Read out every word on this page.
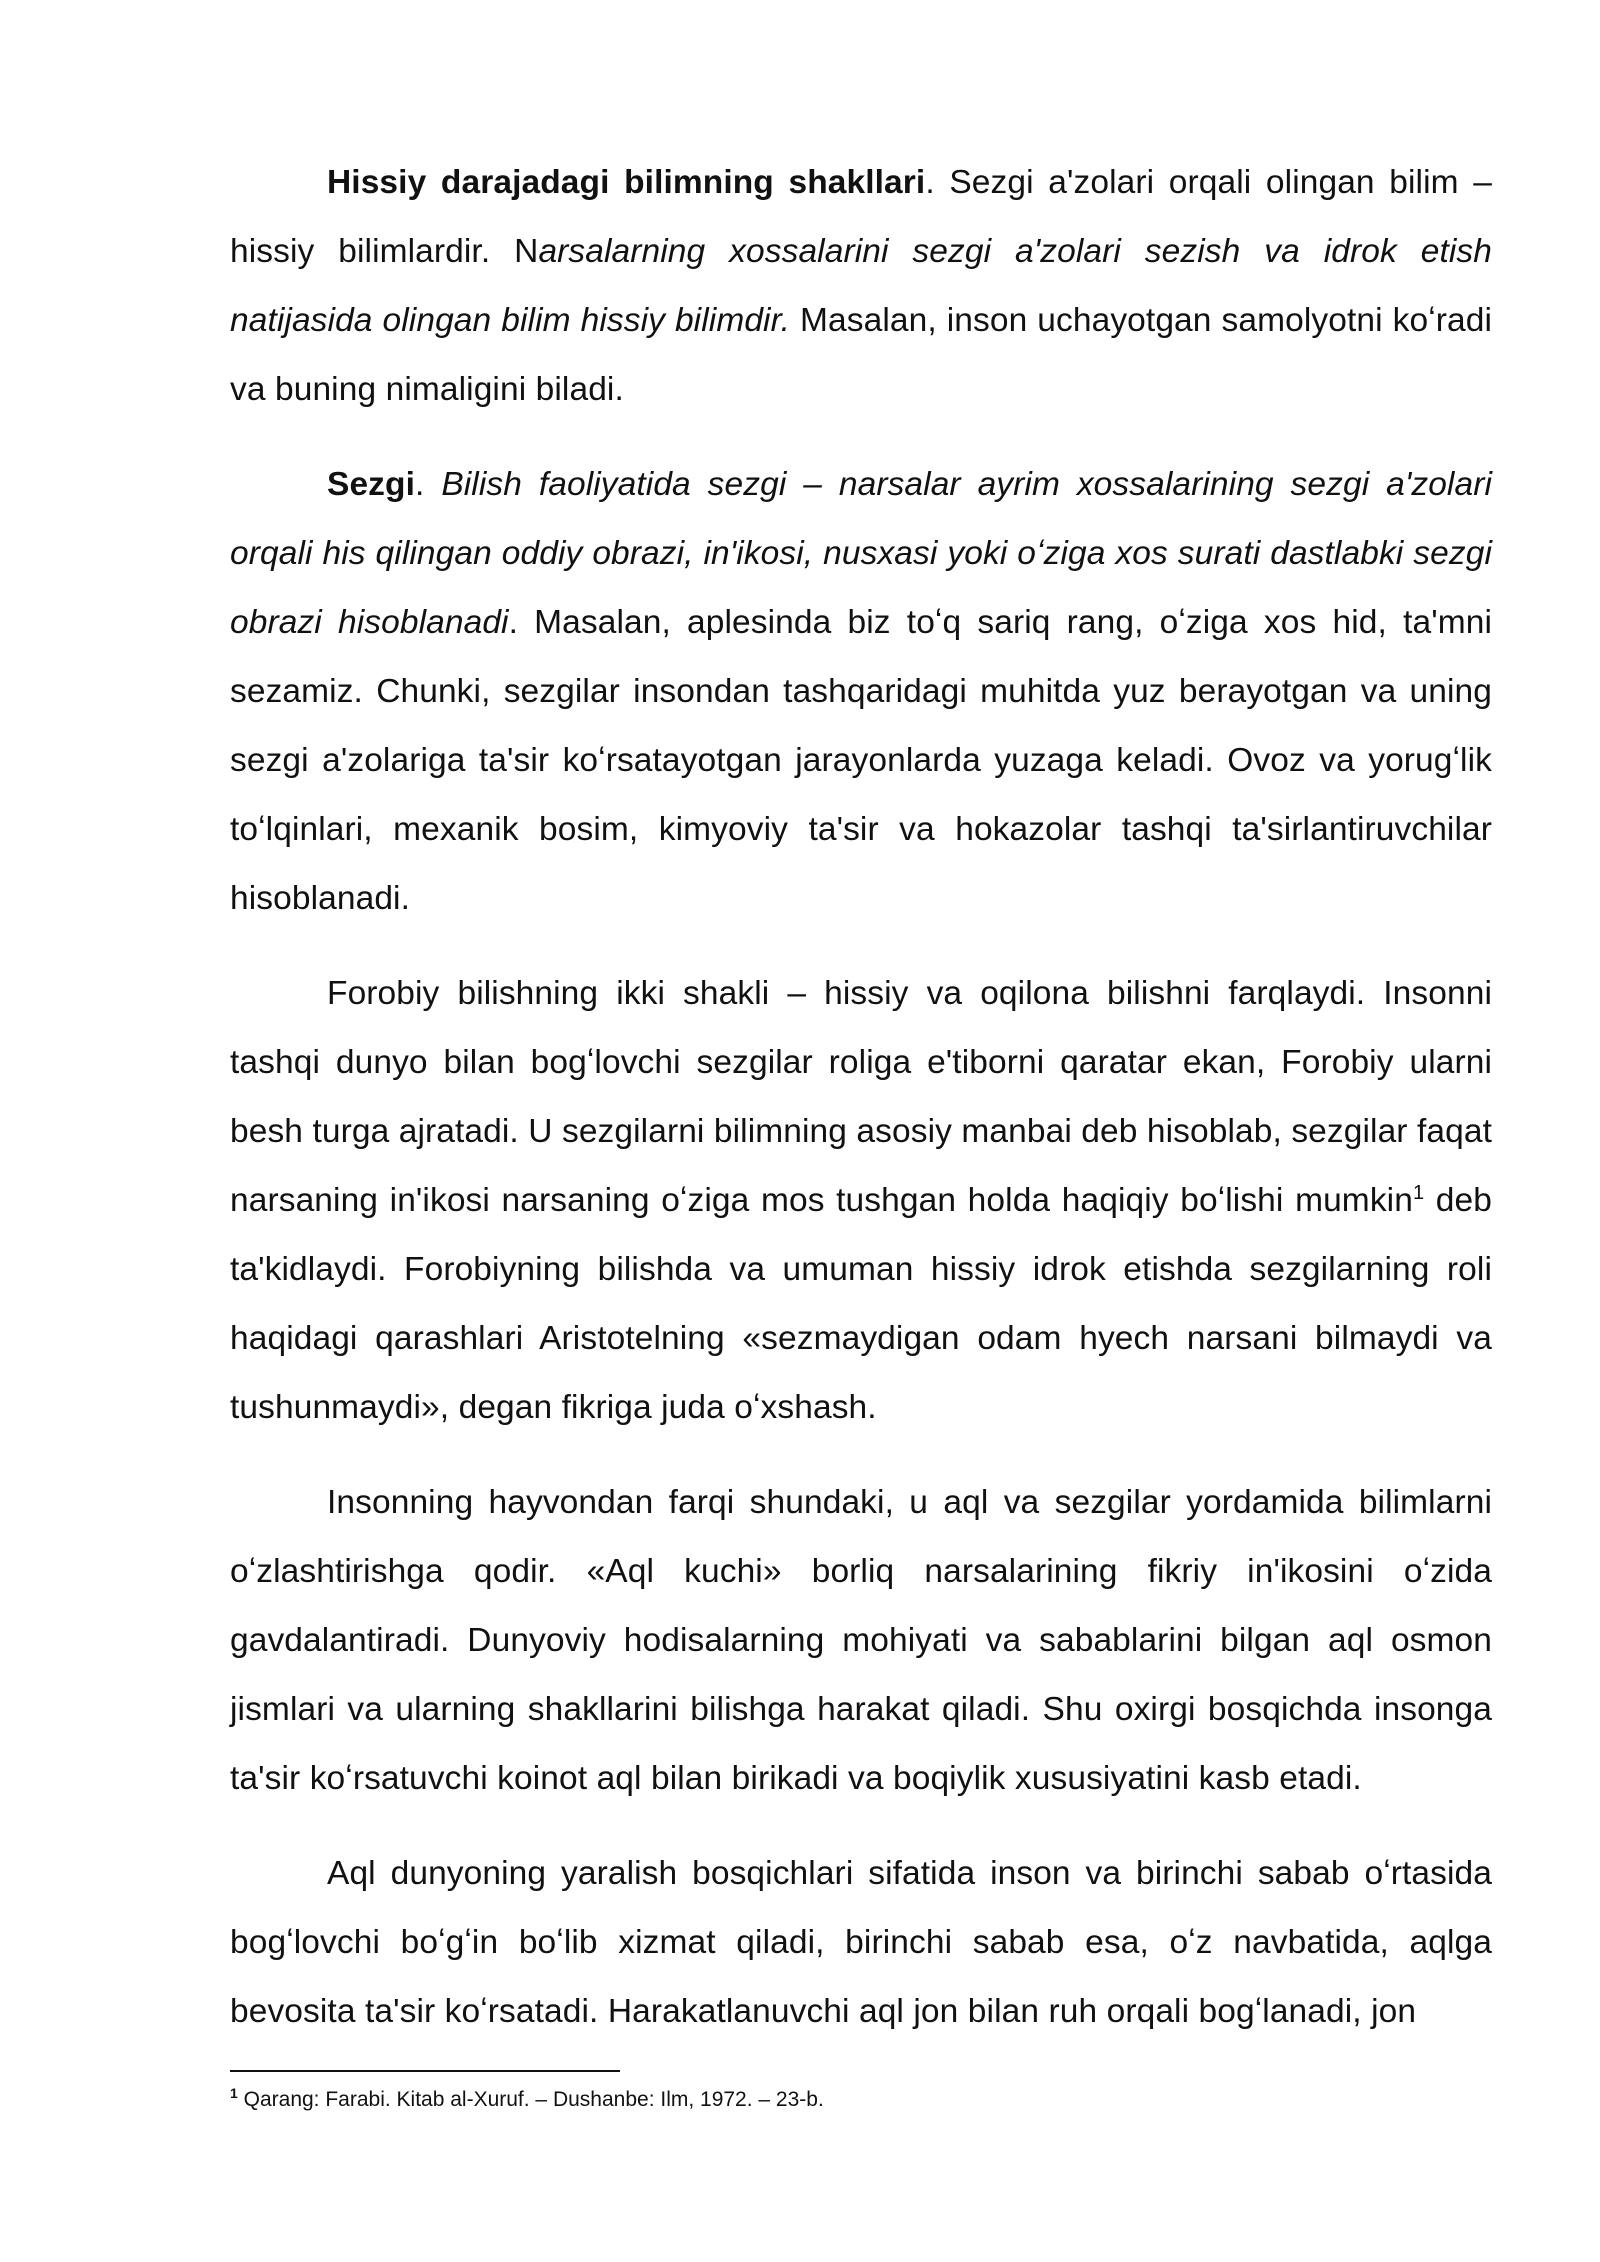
Hissiy darajadagi bilimning shakllari. Sezgi a'zolari orqali olingan bilim – hissiy bilimlardir. Narsalarning xossalarini sezgi a'zolari sezish va idrok etish natijasida olingan bilim hissiy bilimdir. Masalan, inson uchayotgan samolyotni koʻradi va buning nimaligini biladi.

Sezgi. Bilish faoliyatida sezgi – narsalar ayrim xossalarining sezgi a'zolari orqali his qilingan oddiy obrazi, in'ikosi, nusxasi yoki oʻziga xos surati dastlabki sezgi obrazi hisoblanadi. Masalan, aplesinda biz toʻq sariq rang, oʻziga xos hid, ta'mni sezamiz. Chunki, sezgilar insondan tashqaridagi muhitda yuz berayotgan va uning sezgi a'zolariga ta'sir koʻrsatayotgan jarayonlarda yuzaga keladi. Ovoz va yorugʻlik toʻlqinlari, mexanik bosim, kimyoviy ta'sir va hokazolar tashqi ta'sirlantiruvchilar hisoblanadi.

Forobiy bilishning ikki shakli – hissiy va oqilona bilishni farqlaydi. Insonni tashqi dunyo bilan bogʻlovchi sezgilar roliga e'tiborni qaratar ekan, Forobiy ularni besh turga ajratadi. U sezgilarni bilimning asosiy manbai deb hisoblab, sezgilar faqat narsaning in'ikosi narsaning oʻziga mos tushgan holda haqiqiy boʻlishi mumkin$^1$ deb ta'kidlaydi. Forobiyning bilishda va umuman hissiy idrok etishda sezgilarning roli haqidagi qarashlari Aristotelning «sezmaydigan odam hyech narsani bilmaydi va tushunmaydi», degan fikriga juda oʻxshash.

Insonning hayvondan farqi shundaki, u aql va sezgilar yordamida bilimlarni oʻzlashtirishga qodir. «Aql kuchi» borliq narsalarining fikriy in'ikosini oʻzida gavdalantiradi. Dunyoviy hodisalarning mohiyati va sabablarini bilgan aql osmon jismlari va ularning shakllarini bilishga harakat qiladi. Shu oxirgi bosqichda insonga ta'sir koʻrsatuvchi koinot aql bilan birikadi va boqiylik xususiyatini kasb etadi.

Aql dunyoning yaralish bosqichlari sifatida inson va birinchi sabab oʻrtasida bogʻlovchi boʻgʻin boʻlib xizmat qiladi, birinchi sabab esa, oʻz navbatida, aqlga bevosita ta'sir koʻrsatadi. Harakatlanuvchi aql jon bilan ruh orqali bogʻlanadi, jon

$^1$ Qarang: Farabi. Kitab al-Xuruf. – Dushanbe: Ilm, 1972. – 23-b.
